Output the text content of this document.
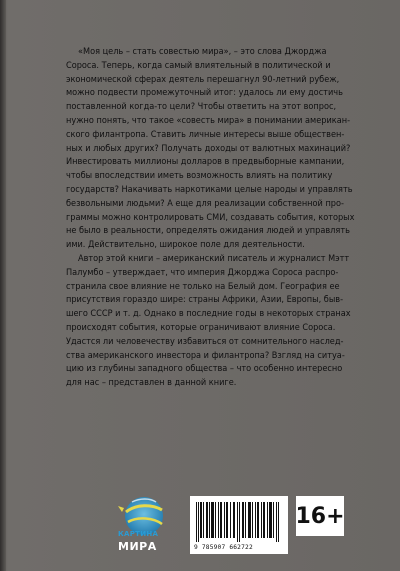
«Моя цель – стать совестью мира», – это слова Джорджа
Сороса. Теперь, когда самый влиятельный в политической и
экономической сферах деятель перешагнул 90-летний рубеж,
можно подвести промежуточный итог: удалось ли ему достичь
поставленной когда-то цели? Чтобы ответить на этот вопрос,
нужно понять, что такое «совесть мира» в понимании американ-
ского филантропа. Ставить личные интересы выше обществен-
ных и любых других? Получать доходы от валютных махинаций?
Инвестировать миллионы долларов в предвыборные кампании,
чтобы впоследствии иметь возможность влиять на политику
государств? Накачивать наркотиками целые народы и управлять
безвольными людьми? А еще для реализации собственной про-
граммы можно контролировать СМИ, создавать события, которых
не было в реальности, определять ожидания людей и управлять
ими. Действительно, широкое поле для деятельности.
Автор этой книги – американский писатель и журналист Мэтт
Палумбо – утверждает, что империя Джорджа Сороса распро-
странила свое влияние не только на Белый дом. География ее
присутствия гораздо шире: страны Африки, Азии, Европы, быв-
шего СССР и т. д. Однако в последние годы в некоторых странах
происходят события, которые ограничивают влияние Сороса.
Удастся ли человечеству избавиться от сомнительного наслед-
ства американского инвестора и филантропа? Взгляд на ситуа-
цию из глубины западного общества – что особенно интересно
для нас – представлен в данной книге.
КАРТИНА
МИРА	9 785907 662722
16+
